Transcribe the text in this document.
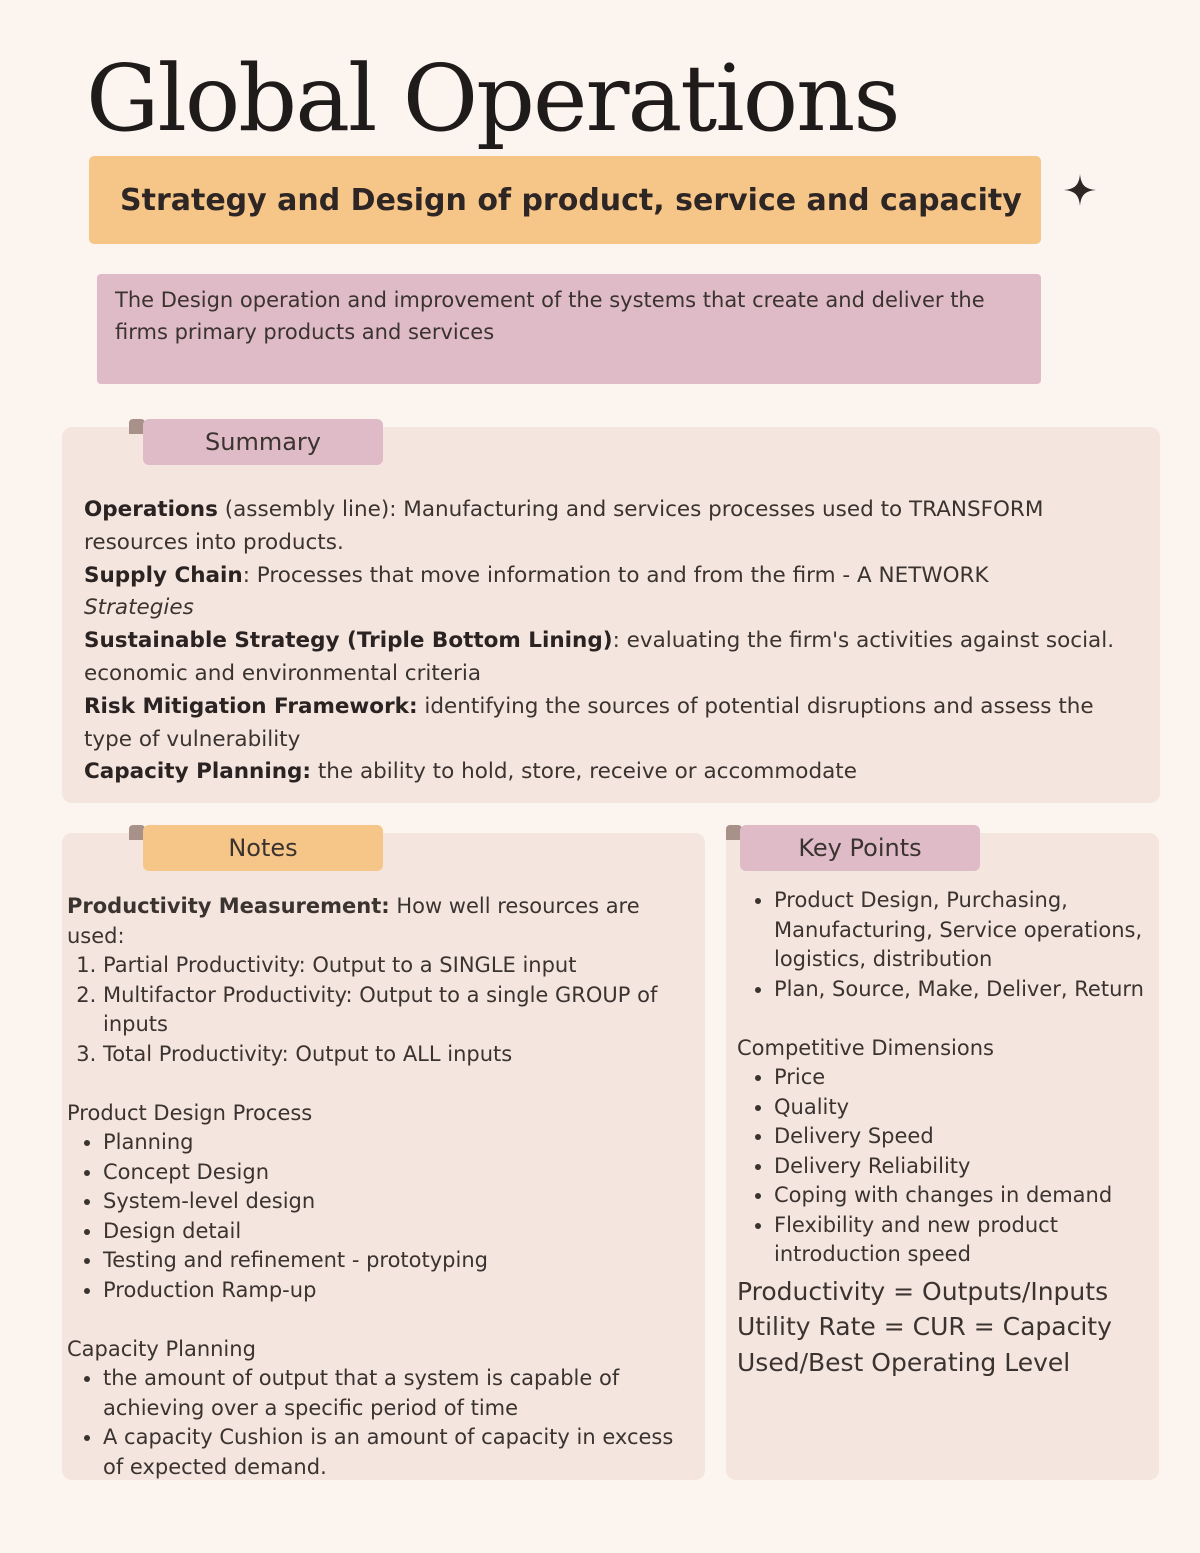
Global Operations
Strategy and Design of product, service and capacity
The Design operation and improvement of the systems that create and deliver the firms primary products and services
Summary

Operations (assembly line): Manufacturing and services processes used to TRANSFORM resources into products.

Supply Chain: Processes that move information to and from the firm - A NETWORK

Strategies

Sustainable Strategy (Triple Bottom Lining): evaluating the firm's activities against social. economic and environmental criteria

Risk Mitigation Framework: identifying the sources of potential disruptions and assess the type of vulnerability

Capacity Planning: the ability to hold, store, receive or accommodate

Notes

Productivity Measurement: How well resources are used:

1. Partial Productivity: Output to a SINGLE input
2. Multifactor Productivity: Output to a single GROUP of inputs
3. Total Productivity: Output to ALL inputs

Product Design Process

• Planning
• Concept Design
• System-level design
• Design detail
• Testing and refinement - prototyping
• Production Ramp-up

Capacity Planning

• the amount of output that a system is capable of achieving over a specific period of time
• A capacity Cushion is an amount of capacity in excess of expected demand.
Key Points
• Product Design, Purchasing, Manufacturing, Service operations, logistics, distribution
• Plan, Source, Make, Deliver, Return

Competitive Dimensions

• Price
• Quality
• Delivery Speed
• Delivery Reliability
• Coping with changes in demand
• Flexibility and new product introduction speed

Productivity = Outputs/Inputs

Utility Rate = CUR = Capacity Used/Best Operating Level
